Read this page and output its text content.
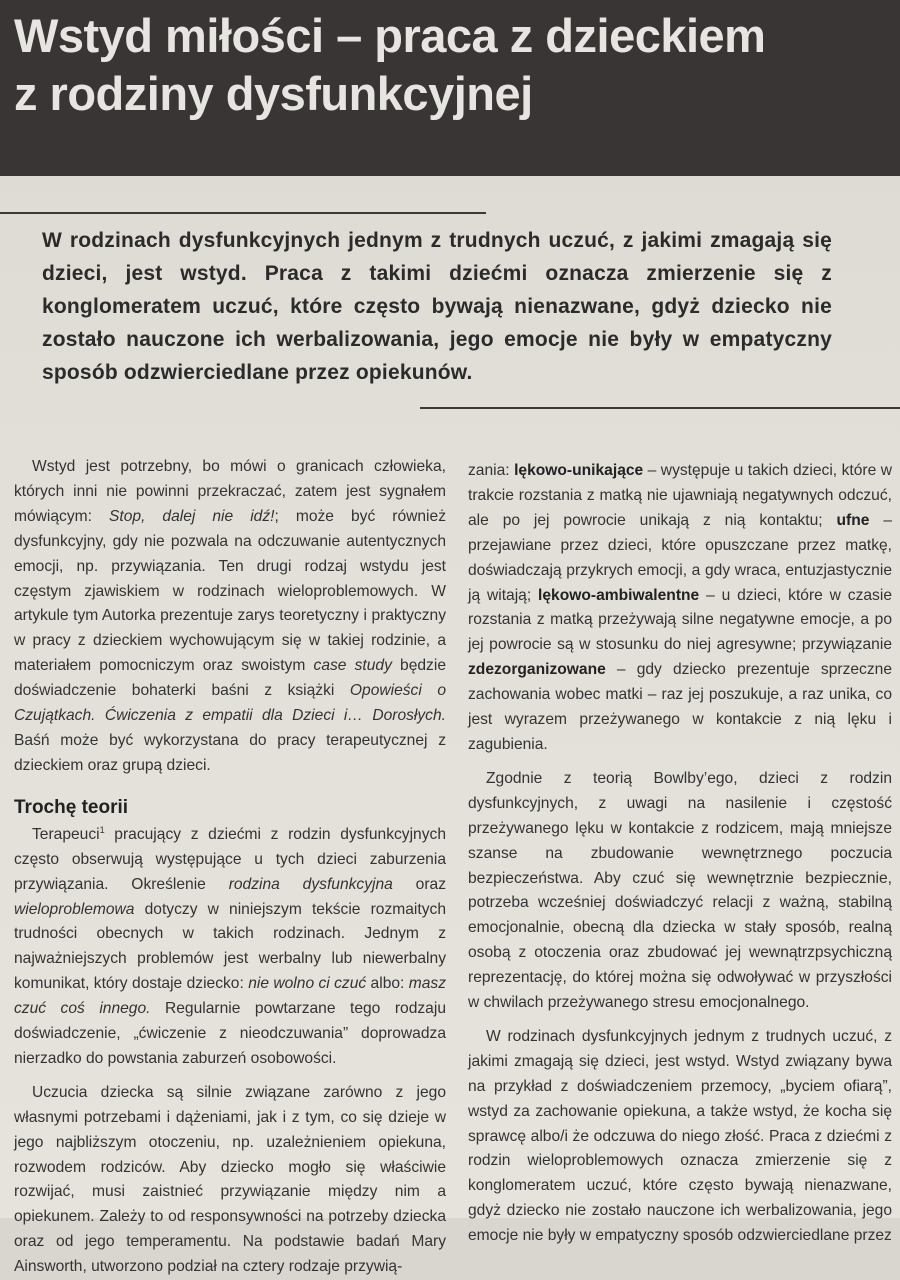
Wstyd miłości – praca z dzieckiem
z rodziny dysfunkcyjnej
W rodzinach dysfunkcyjnych jednym z trudnych uczuć, z jakimi zmagają się dzieci, jest wstyd. Praca z takimi dziećmi oznacza zmierzenie się z konglomeratem uczuć, które często bywają nienazwane, gdyż dziecko nie zostało nauczone ich werbalizowania, jego emocje nie były w empatyczny sposób odzwierciedlane przez opiekunów.

Wstyd jest potrzebny, bo mówi o granicach człowieka, których inni nie powinni przekraczać, zatem jest sygnałem mówiącym: Stop, dalej nie idź!; może być również dysfunkcyjny, gdy nie pozwala na odczuwanie autentycznych emocji, np. przywiązania. Ten drugi rodzaj wstydu jest częstym zjawiskiem w rodzinach wieloproblemowych. W artykule tym Autorka prezentuje zarys teoretyczny i praktyczny w pracy z dzieckiem wychowującym się w takiej rodzinie, a materiałem pomocniczym oraz swoistym case study będzie doświadczenie bohaterki baśni z książki Opowieści o Czujątkach. Ćwiczenia z empatii dla Dzieci i… Dorosłych. Baśń może być wykorzystana do pracy terapeutycznej z dzieckiem oraz grupą dzieci.

Trochę teorii

Terapeuci$^1$ pracujący z dziećmi z rodzin dysfunkcyjnych często obserwują występujące u tych dzieci zaburzenia przywiązania. Określenie rodzina dysfunkcyjna oraz wieloproblemowa dotyczy w niniejszym tekście rozmaitych trudności obecnych w takich rodzinach. Jednym z najważniejszych problemów jest werbalny lub niewerbalny komunikat, który dostaje dziecko: nie wolno ci czuć albo: masz czuć coś innego. Regularnie powtarzane tego rodzaju doświadczenie, „ćwiczenie z nieodczuwania” doprowadza nierzadko do powstania zaburzeń osobowości.

Uczucia dziecka są silnie związane zarówno z jego własnymi potrzebami i dążeniami, jak i z tym, co się dzieje w jego najbliższym otoczeniu, np. uzależnieniem opiekuna, rozwodem rodziców. Aby dziecko mogło się właściwie rozwijać, musi zaistnieć przywiązanie między nim a opiekunem. Zależy to od responsywności na potrzeby dziecka oraz od jego temperamentu. Na podstawie badań Mary Ainsworth, utworzono podział na cztery rodzaje przywią-

zania: lękowo-unikające – występuje u takich dzieci, które w trakcie rozstania z matką nie ujawniają negatywnych odczuć, ale po jej powrocie unikają z nią kontaktu; ufne – przejawiane przez dzieci, które opuszczane przez matkę, doświadczają przykrych emocji, a gdy wraca, entuzjastycznie ją witają; lękowo-ambiwalentne – u dzieci, które w czasie rozstania z matką przeżywają silne negatywne emocje, a po jej powrocie są w stosunku do niej agresywne; przywiązanie zdezorganizowane – gdy dziecko prezentuje sprzeczne zachowania wobec matki – raz jej poszukuje, a raz unika, co jest wyrazem przeżywanego w kontakcie z nią lęku i zagubienia.

Zgodnie z teorią Bowlby’ego, dzieci z rodzin dysfunkcyjnych, z uwagi na nasilenie i częstość przeżywanego lęku w kontakcie z rodzicem, mają mniejsze szanse na zbudowanie wewnętrznego poczucia bezpieczeństwa. Aby czuć się wewnętrznie bezpiecznie, potrzeba wcześniej doświadczyć relacji z ważną, stabilną emocjonalnie, obecną dla dziecka w stały sposób, realną osobą z otoczenia oraz zbudować jej wewnątrzpsychiczną reprezentację, do której można się odwoływać w przyszłości w chwilach przeżywanego stresu emocjonalnego.

W rodzinach dysfunkcyjnych jednym z trudnych uczuć, z jakimi zmagają się dzieci, jest wstyd. Wstyd związany bywa na przykład z doświadczeniem przemocy, „byciem ofiarą”, wstyd za zachowanie opiekuna, a także wstyd, że kocha się sprawcę albo/i że odczuwa do niego złość. Praca z dziećmi z rodzin wieloproblemowych oznacza zmierzenie się z konglomeratem uczuć, które często bywają nienazwane, gdyż dziecko nie zostało nauczone ich werbalizowania, jego emocje nie były w empatyczny sposób odzwierciedlane przez
